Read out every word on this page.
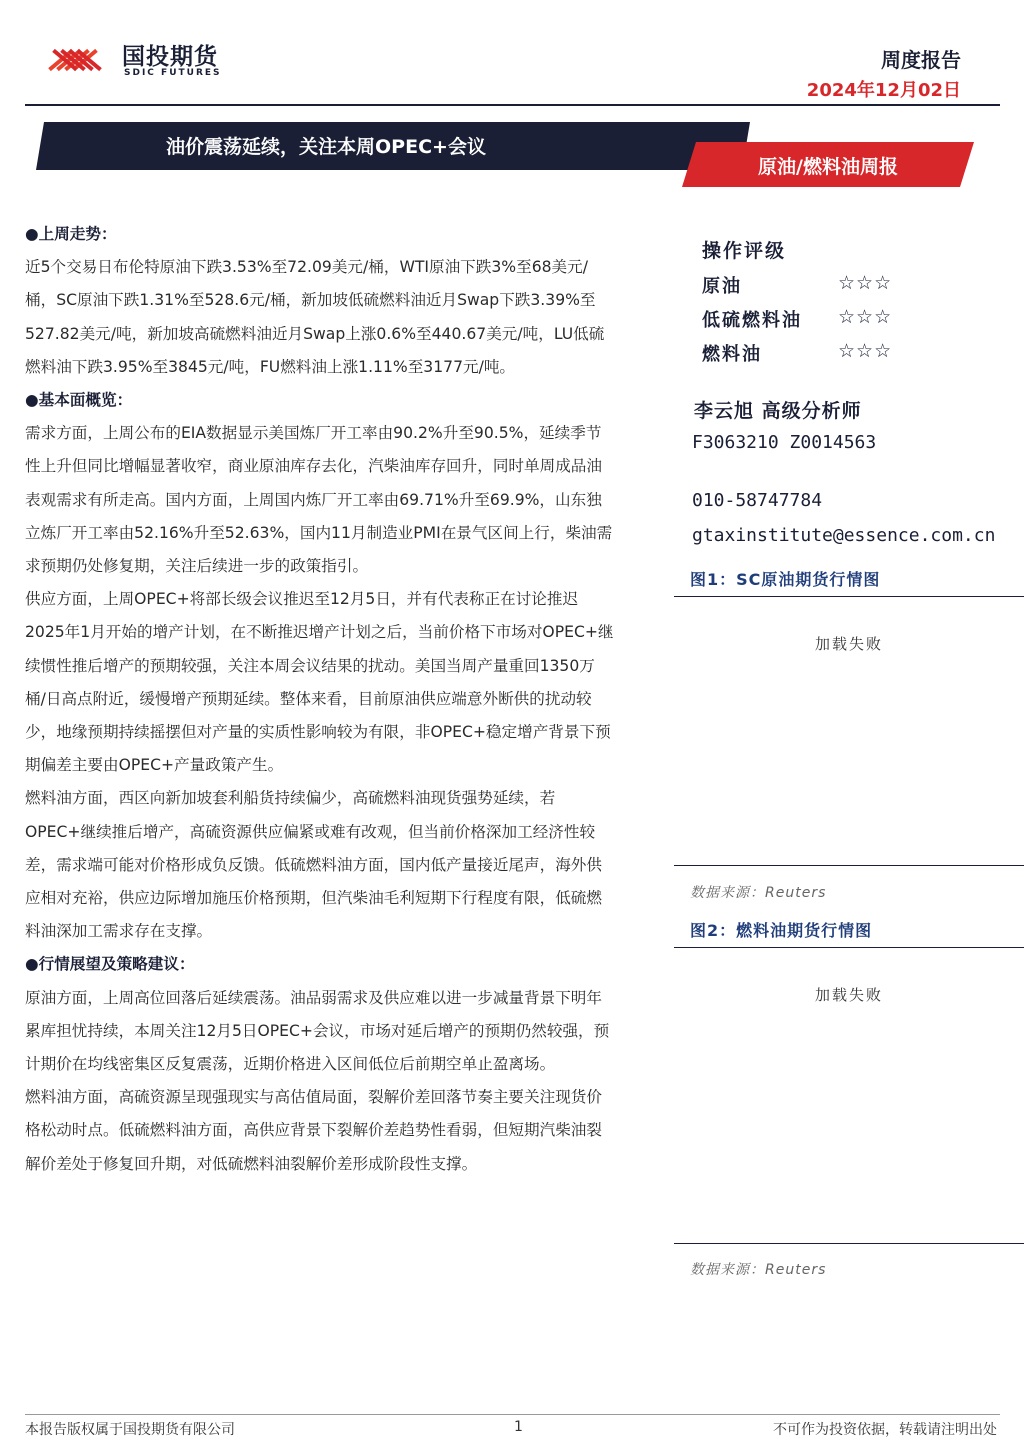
国投期货
SDIC FUTURES
周度报告
2024年12月02日
油价震荡延续，关注本周OPEC+会议
原油/燃料油周报

●上周走势：

近5个交易日布伦特原油下跌3.53%至72.09美元/桶，WTI原油下跌3%至68美元/桶，SC原油下跌1.31%至528.6元/桶，新加坡低硫燃料油近月Swap下跌3.39%至527.82美元/吨，新加坡高硫燃料油近月Swap上涨0.6%至440.67美元/吨，LU低硫燃料油下跌3.95%至3845元/吨，FU燃料油上涨1.11%至3177元/吨。

●基本面概览：

需求方面，上周公布的EIA数据显示美国炼厂开工率由90.2%升至90.5%，延续季节性上升但同比增幅显著收窄，商业原油库存去化，汽柴油库存回升，同时单周成品油表观需求有所走高。国内方面，上周国内炼厂开工率由69.71%升至69.9%，山东独立炼厂开工率由52.16%升至52.63%，国内11月制造业PMI在景气区间上行，柴油需求预期仍处修复期，关注后续进一步的政策指引。

供应方面，上周OPEC+将部长级会议推迟至12月5日，并有代表称正在讨论推迟2025年1月开始的增产计划，在不断推迟增产计划之后，当前价格下市场对OPEC+继续惯性推后增产的预期较强，关注本周会议结果的扰动。美国当周产量重回1350万桶/日高点附近，缓慢增产预期延续。整体来看，目前原油供应端意外断供的扰动较少，地缘预期持续摇摆但对产量的实质性影响较为有限，非OPEC+稳定增产背景下预期偏差主要由OPEC+产量政策产生。

燃料油方面，西区向新加坡套利船货持续偏少，高硫燃料油现货强势延续，若OPEC+继续推后增产，高硫资源供应偏紧或难有改观，但当前价格深加工经济性较差，需求端可能对价格形成负反馈。低硫燃料油方面，国内低产量接近尾声，海外供应相对充裕，供应边际增加施压价格预期，但汽柴油毛利短期下行程度有限，低硫燃料油深加工需求存在支撑。

●行情展望及策略建议：

原油方面，上周高位回落后延续震荡。油品弱需求及供应难以进一步减量背景下明年累库担忧持续，本周关注12月5日OPEC+会议，市场对延后增产的预期仍然较强，预计期价在均线密集区反复震荡，近期价格进入区间低位后前期空单止盈离场。

燃料油方面，高硫资源呈现强现实与高估值局面，裂解价差回落节奏主要关注现货价格松动时点。低硫燃料油方面，高供应背景下裂解价差趋势性看弱，但短期汽柴油裂解价差处于修复回升期，对低硫燃料油裂解价差形成阶段性支撑。

操作评级
原油	☆☆☆
低硫燃料油 ☆☆☆
燃料油	☆☆☆
李云旭 高级分析师
F3063210 Z0014563
010-58747784
gtaxinstitute@essence.com.cn
图1：SC原油期货行情图
加载失败
数据来源：Reuters
图2：燃料油期货行情图
加载失败
数据来源：Reuters
本报告版权属于国投期货有限公司	1	不可作为投资依据，转载请注明出处
